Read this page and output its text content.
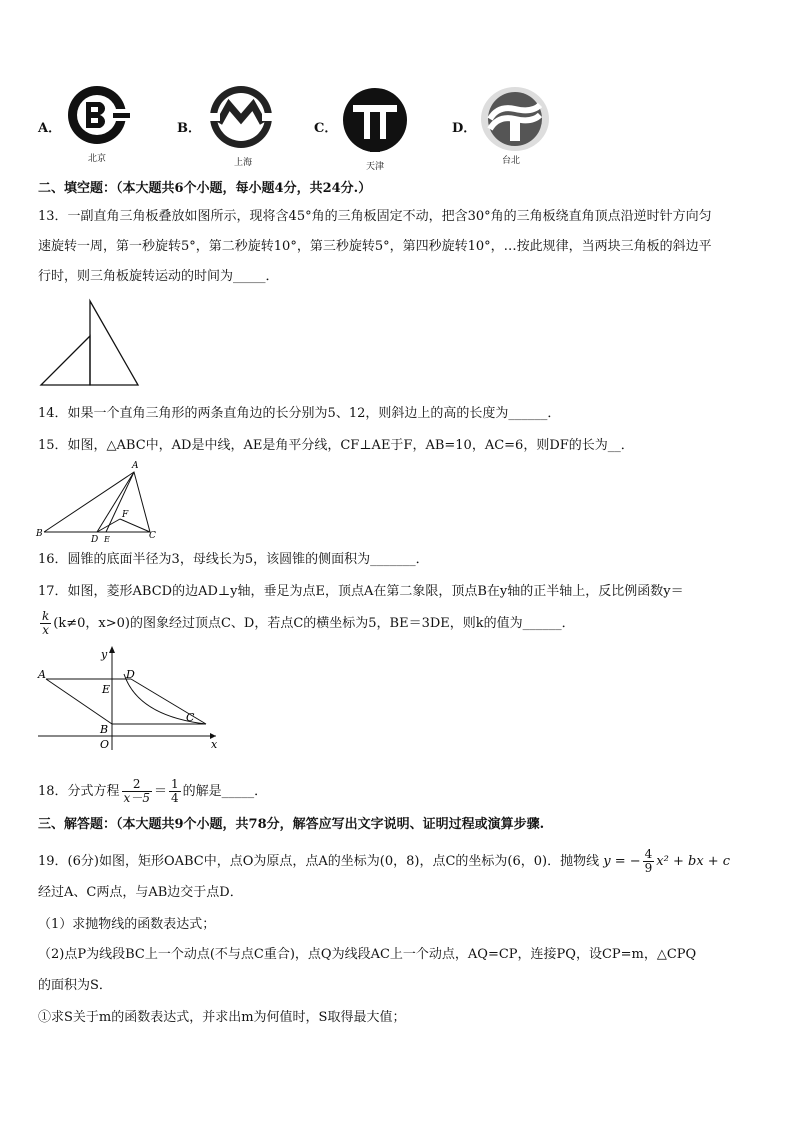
A．
北京
B．
上海
C．
天津
D．
台北
二、填空题：（本大题共6个小题，每小题4分，共24分.）
13．一副直角三角板叠放如图所示，现将含45°角的三角板固定不动，把含30°角的三角板绕直角顶点沿逆时针方向匀
速旋转一周，第一秒旋转5°，第二秒旋转10°，第三秒旋转5°，第四秒旋转10°，…按此规律，当两块三角板的斜边平
行时，则三角板旋转运动的时间为_____．
14．如果一个直角三角形的两条直角边的长分别为5、12，则斜边上的高的长度为______．
15．如图，△ABC中，AD是中线，AE是角平分线，CF⊥AE于F，AB=10，AC=6，则DF的长为__．
A
B	C
D E
F
16．圆锥的底面半径为3，母线长为5，该圆锥的侧面积为_______．
17．如图，菱形ABCD的边AD⊥y轴，垂足为点E，顶点A在第二象限，顶点B在y轴的正半轴上，反比例函数y＝
$\frac{k}{x} (k\ne 0$，x>0)的图象经过顶点C、D，若点C的横坐标为5，BE＝3DE，则k的值为______．
y
x
A	D
E
B
C
O
18．分式方程 $\frac{2}{x-5} = \frac{1}{4}$ 的解是_____．
三、解答题：（本大题共9个小题，共78分，解答应写出文字说明、证明过程或演算步骤.
19．(6分)如图，矩形OABC中，点O为原点，点A的坐标为(0，8)，点C的坐标为(6，0)．抛物线 y = − $\frac{4}{9} x^2$ + bx + c
经过A、C两点，与AB边交于点D．
（1）求抛物线的函数表达式；
（2)点P为线段BC上一个动点(不与点C重合)，点Q为线段AC上一个动点，AQ=CP，连接PQ，设CP=m，△CPQ
的面积为S．
①求S关于m的函数表达式，并求出m为何值时，S取得最大值；
